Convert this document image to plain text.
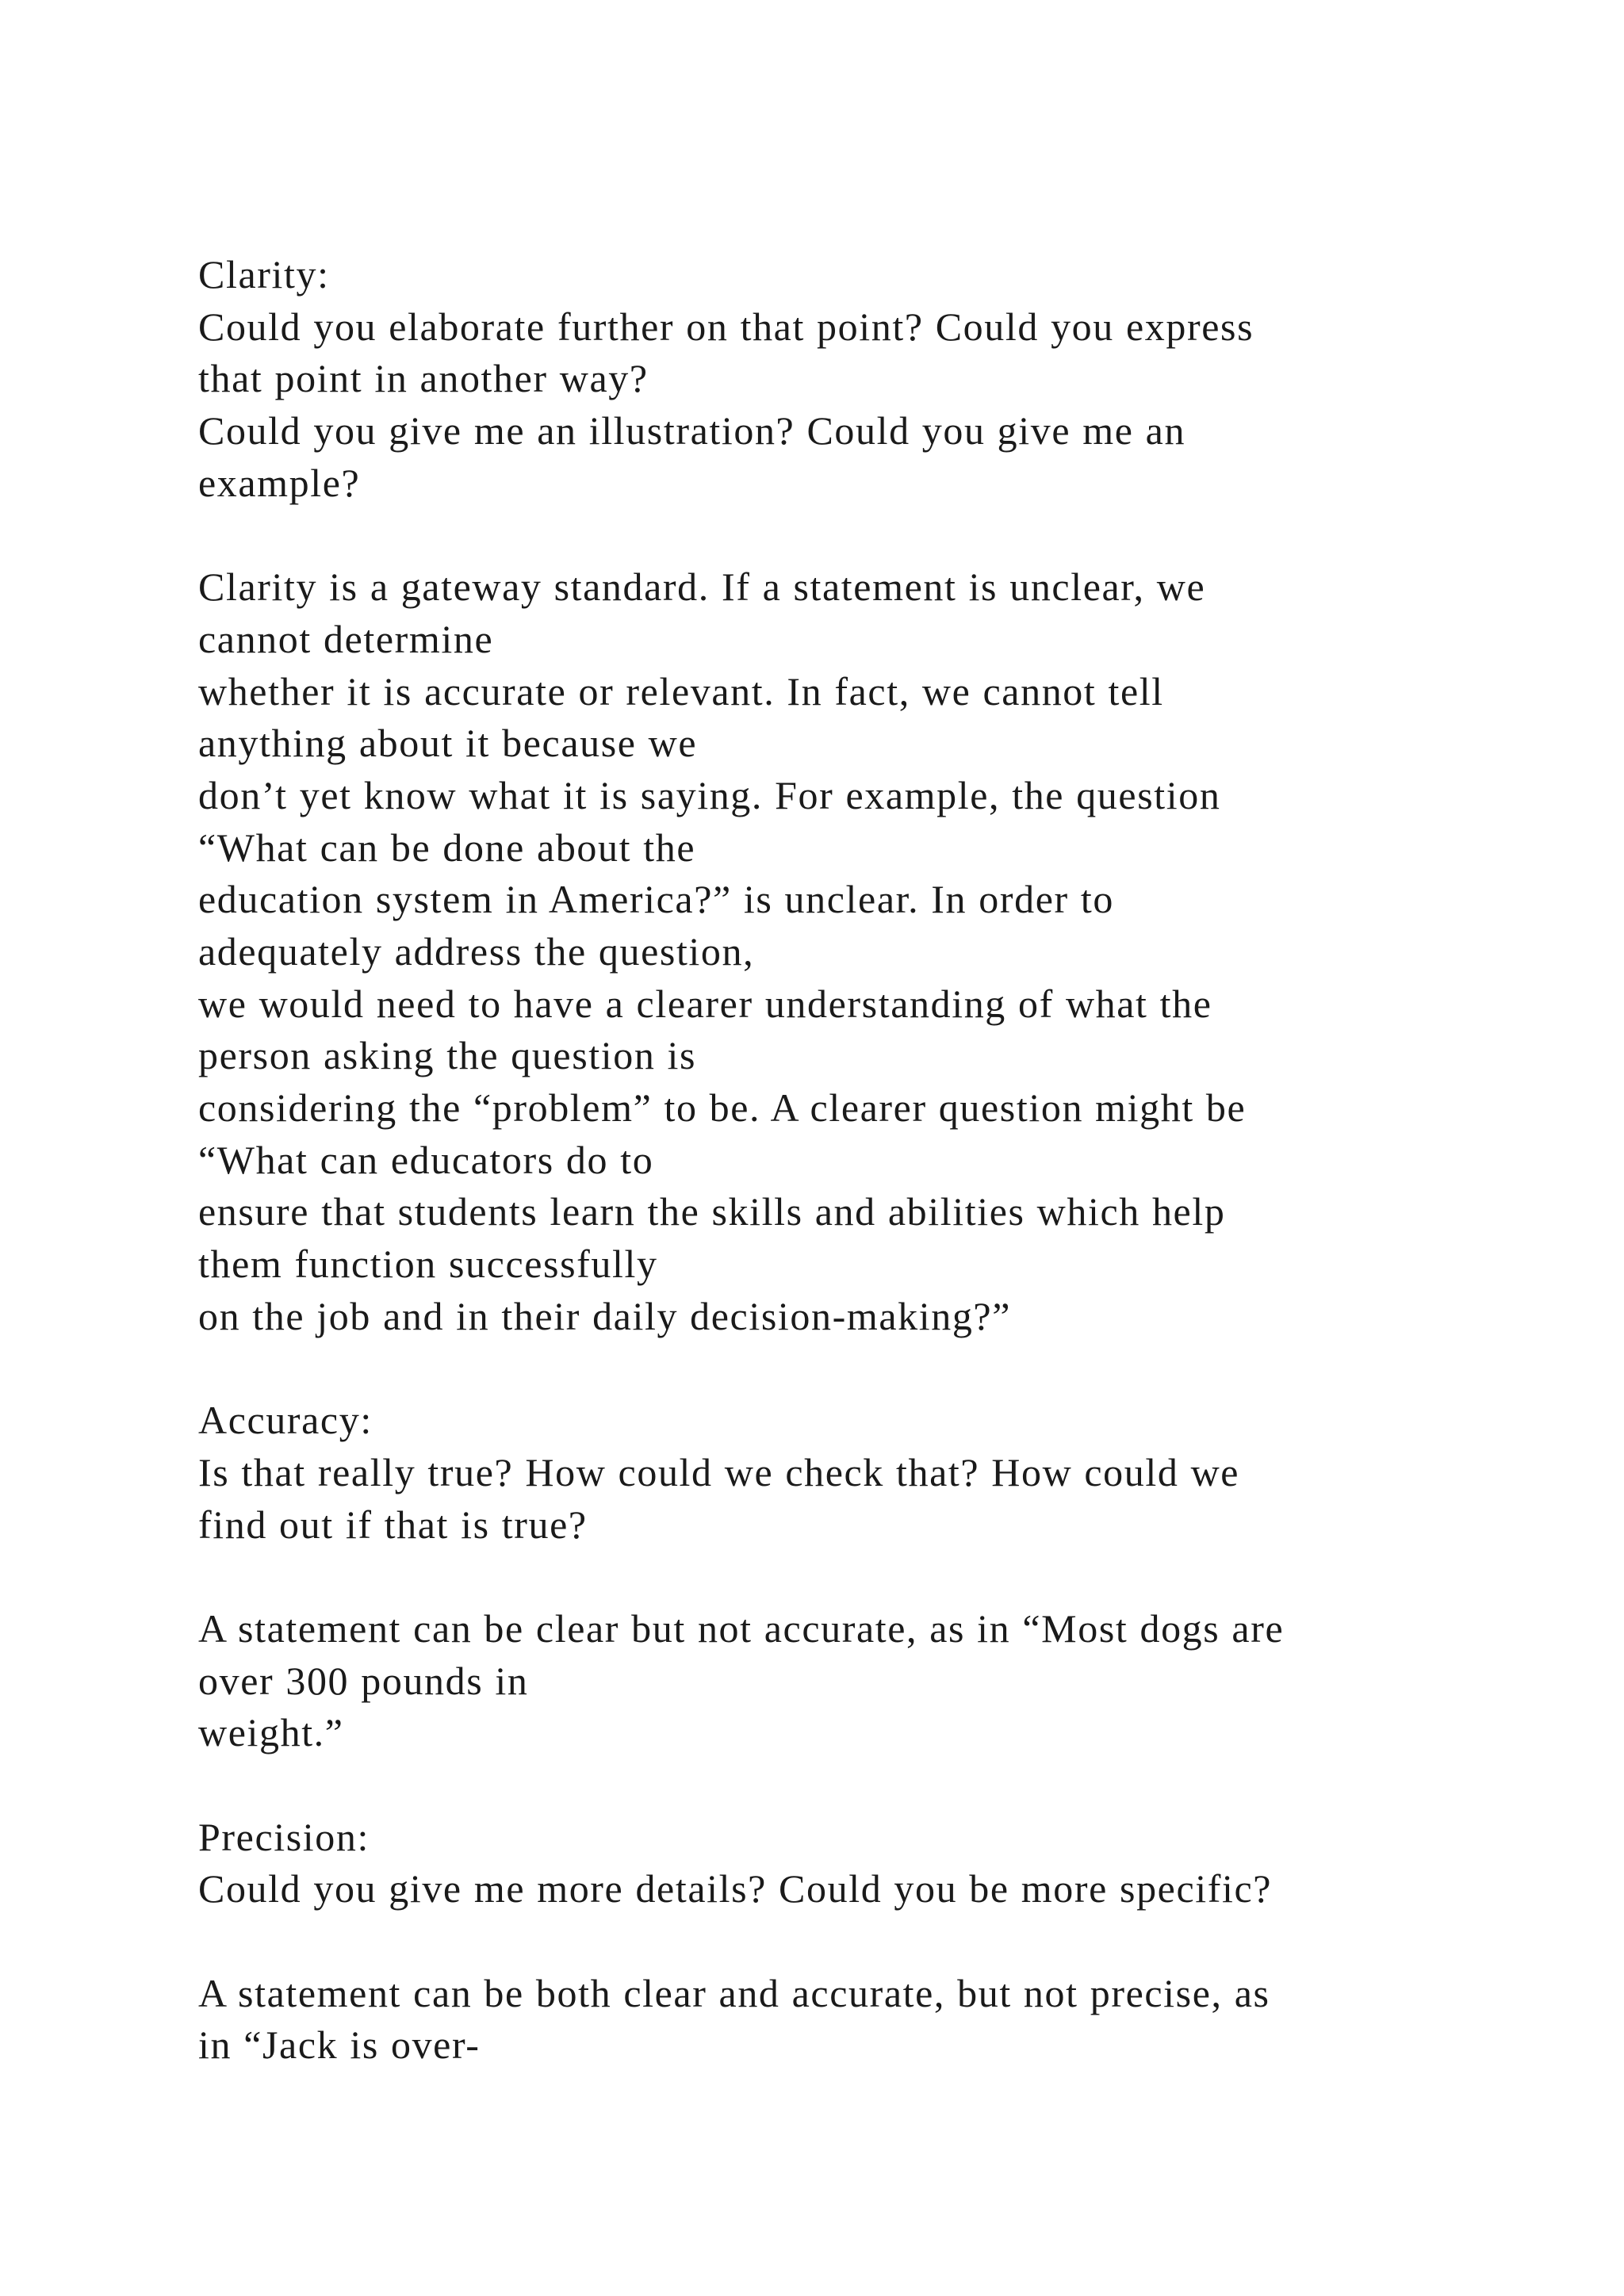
Clarity:
Could you elaborate further on that point? Could you express
that point in another way?
Could you give me an illustration? Could you give me an
example?
Clarity is a gateway standard. If a statement is unclear, we
cannot determine
whether it is accurate or relevant. In fact, we cannot tell
anything about it because we
don’t yet know what it is saying. For example, the question
“What can be done about the
education system in America?” is unclear. In order to
adequately address the question,
we would need to have a clearer understanding of what the
person asking the question is
considering the “problem” to be. A clearer question might be
“What can educators do to
ensure that students learn the skills and abilities which help
them function successfully
on the job and in their daily decision-making?”
Accuracy:
Is that really true? How could we check that? How could we
find out if that is true?
A statement can be clear but not accurate, as in “Most dogs are
over 300 pounds in
weight.”
Precision:
Could you give me more details? Could you be more specific?
A statement can be both clear and accurate, but not precise, as
in “Jack is over-
